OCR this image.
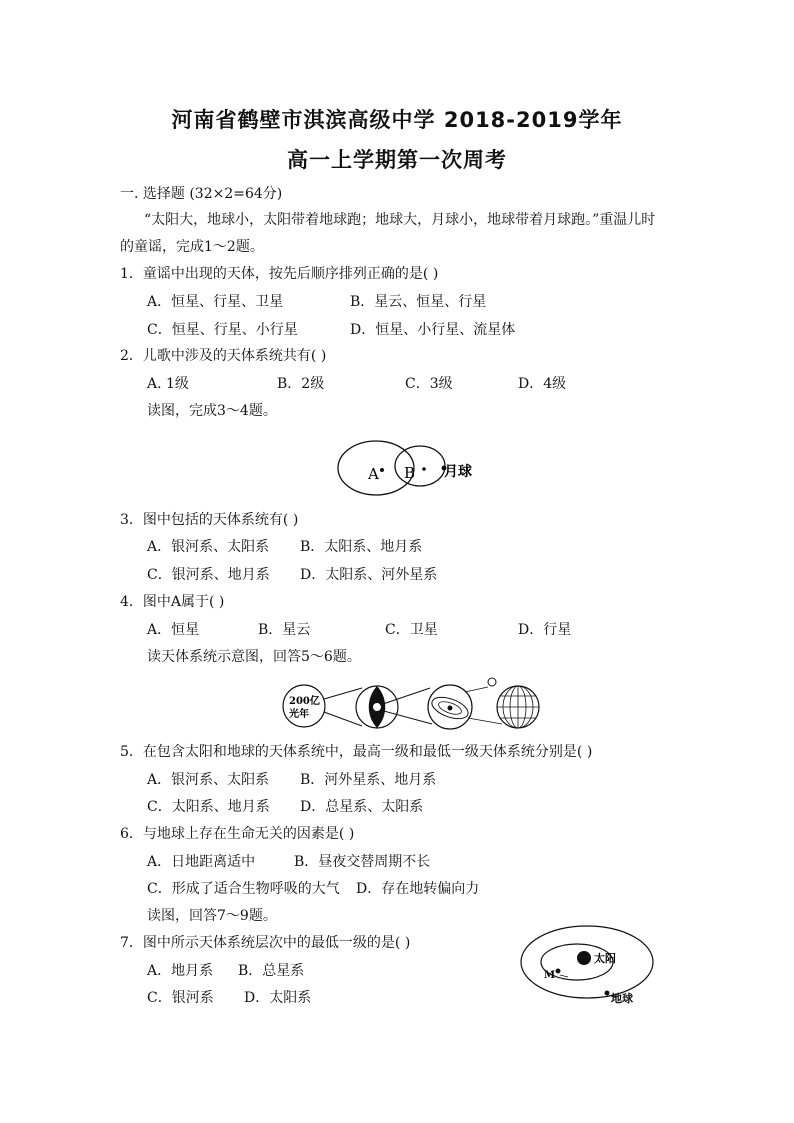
河南省鹤壁市淇滨高级中学 2018-2019学年
高一上学期第一次周考
一. 选择题 (32×2=64分)
“太阳大，地球小，太阳带着地球跑；地球大，月球小，地球带着月球跑。”重温儿时
的童谣，完成1～2题。
1．童谣中出现的天体，按先后顺序排列正确的是( )
A．恒星、行星、卫星	B．星云、恒星、行星
C．恒星、行星、小行星	D．恒星、小行星、流星体
2．儿歌中涉及的天体系统共有( )
A. 1级	B．2级	C．3级	D．4级
读图，完成3～4题。
A B 月球
3．图中包括的天体系统有( )
A．银河系、太阳系 B．太阳系、地月系
C．银河系、地月系 D．太阳系、河外星系
4．图中A属于( )
A．恒星	B．星云	C．卫星	D．行星
读天体系统示意图，回答5～6题。
200亿
光年
5．在包含太阳和地球的天体系统中，最高一级和最低一级天体系统分别是( )
A．银河系、太阳系 B．河外星系、地月系
C．太阳系、地月系 D．总星系、太阳系
6．与地球上存在生命无关的因素是( )
A．日地距离适中	B．昼夜交替周期不长
C．形成了适合生物呼吸的大气 D．存在地转偏向力
读图，回答7～9题。
7．图中所示天体系统层次中的最低一级的是( )
A．地月系 B．总星系
C．银河系 D．太阳系
太阳
M
地球
